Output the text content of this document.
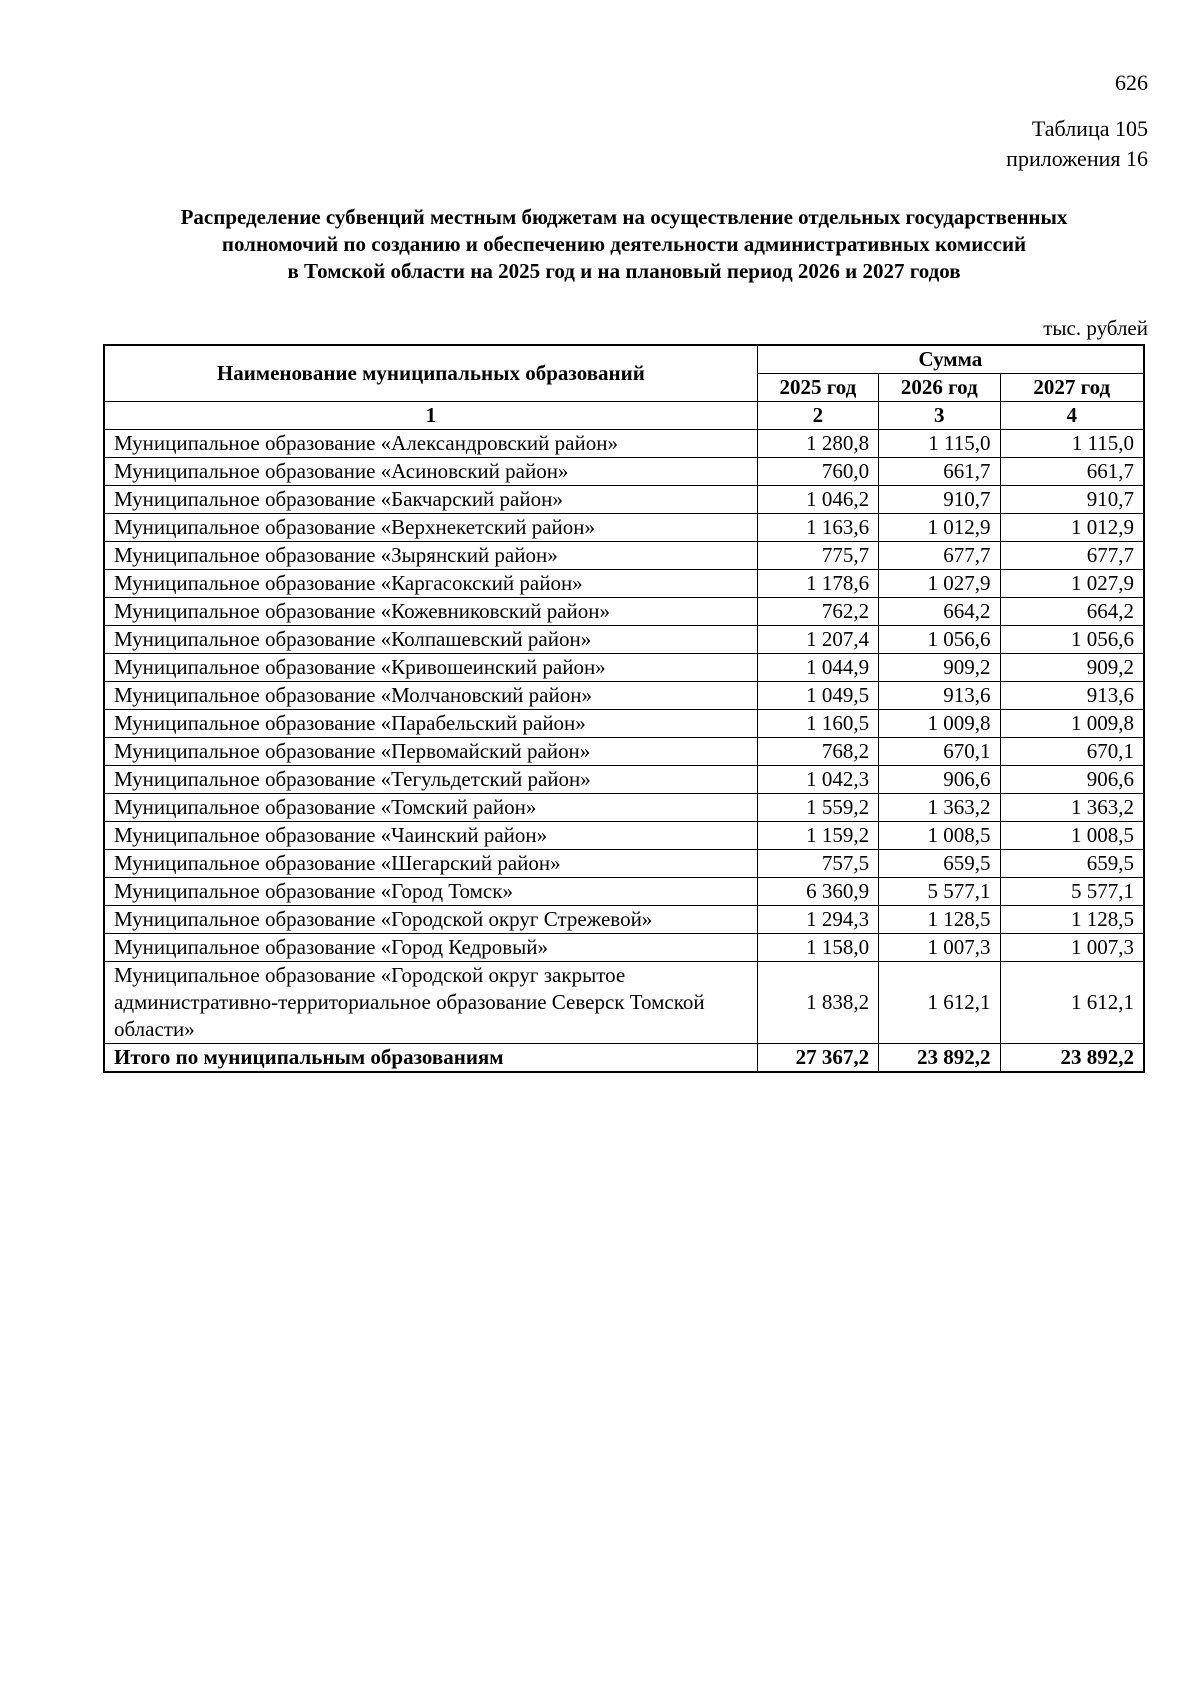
626
Таблица 105
приложения 16
Распределение субвенций местным бюджетам на осуществление отдельных государственных
полномочий по созданию и обеспечению деятельности административных комиссий
в Томской области на 2025 год и на плановый период 2026 и 2027 годов
тыс. рублей
Наименование муниципальных образований	Сумма		
	2025 год	2026 год	2027 год
1	2	3	4
Муниципальное образование «Александровский район»	1 280,8	1 115,0	1 115,0
Муниципальное образование «Асиновский район»	760,0	661,7	661,7
Муниципальное образование «Бакчарский район»	1 046,2	910,7	910,7
Муниципальное образование «Верхнекетский район»	1 163,6	1 012,9	1 012,9
Муниципальное образование «Зырянский район»	775,7	677,7	677,7
Муниципальное образование «Каргасокский район»	1 178,6	1 027,9	1 027,9
Муниципальное образование «Кожевниковский район»	762,2	664,2	664,2
Муниципальное образование «Колпашевский район»	1 207,4	1 056,6	1 056,6
Муниципальное образование «Кривошеинский район»	1 044,9	909,2	909,2
Муниципальное образование «Молчановский район»	1 049,5	913,6	913,6
Муниципальное образование «Парабельский район»	1 160,5	1 009,8	1 009,8
Муниципальное образование «Первомайский район»	768,2	670,1	670,1
Муниципальное образование «Тегульдетский район»	1 042,3	906,6	906,6
Муниципальное образование «Томский район»	1 559,2	1 363,2	1 363,2
Муниципальное образование «Чаинский район»	1 159,2	1 008,5	1 008,5
Муниципальное образование «Шегарский район»	757,5	659,5	659,5
Муниципальное образование «Город Томск»	6 360,9	5 577,1	5 577,1
Муниципальное образование «Городской округ Стрежевой»	1 294,3	1 128,5	1 128,5
Муниципальное образование «Город Кедровый»	1 158,0	1 007,3	1 007,3
Муниципальное образование «Городской округ закрытое административно-территориальное образование Северск Томской области»	1 838,2	1 612,1	1 612,1
Итого по муниципальным образованиям	27 367,2	23 892,2	23 892,2
